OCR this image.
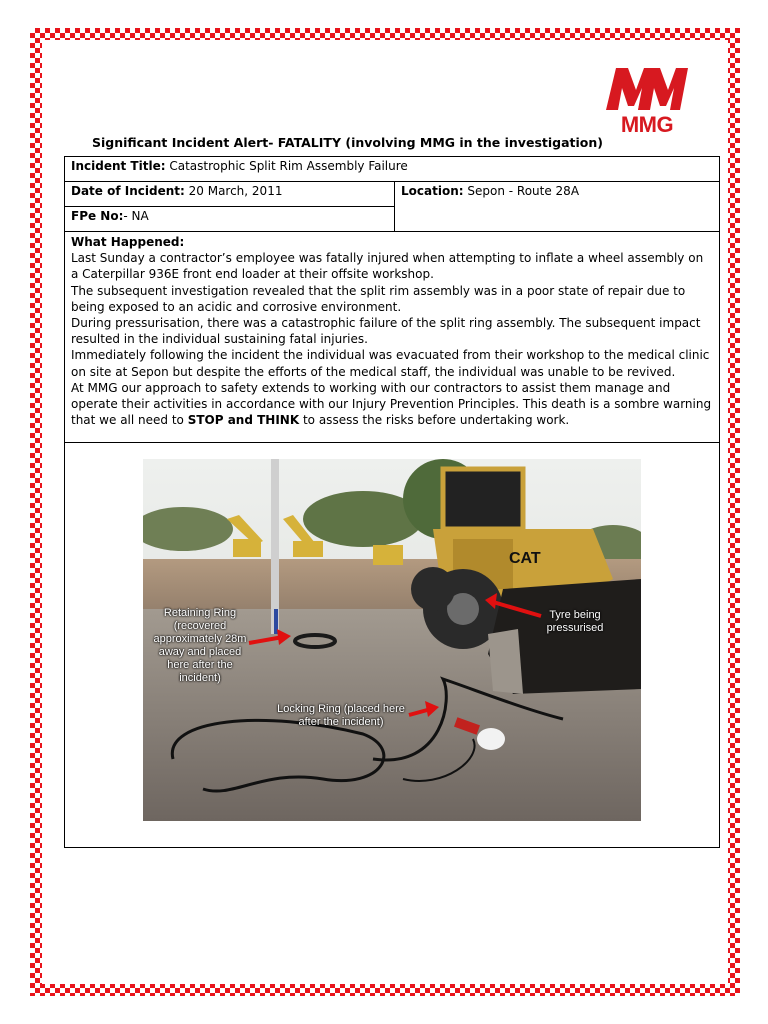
MMG
Significant Incident Alert- FATALITY (involving MMG in the investigation)
Incident Title: Catastrophic Split Rim Assembly Failure
Date of Incident: 20 March, 2011	Location: Sepon - Route 28A
FPe No:- NA

What Happened:

Last Sunday a contractor’s employee was fatally injured when attempting to inflate a wheel assembly on a Caterpillar 936E front end loader at their offsite workshop.

The subsequent investigation revealed that the split rim assembly was in a poor state of repair due to being exposed to an acidic and corrosive environment.

During pressurisation, there was a catastrophic failure of the split ring assembly. The subsequent impact resulted in the individual sustaining fatal injuries.

Immediately following the incident the individual was evacuated from their workshop to the medical clinic on site at Sepon but despite the efforts of the medical staff, the individual was unable to be revived.

At MMG our approach to safety extends to working with our contractors to assist them manage and operate their activities in accordance with our Injury Prevention Principles. This death is a sombre warning that we all need to STOP and THINK to assess the risks before undertaking work.

CAT
Retaining Ring (recovered approximately 28m away and placed here after the incident)
Tyre being pressurised
Locking Ring (placed here after the incident)
